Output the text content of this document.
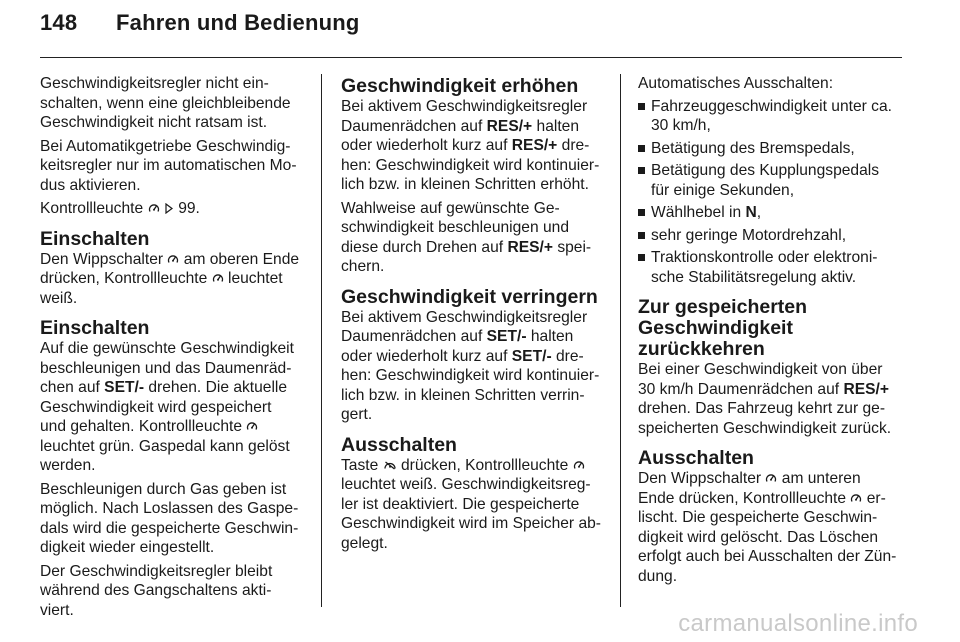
148 Fahren und Bedienung

Geschwindigkeitsregler nicht ein-
schalten, wenn eine gleichbleibende
Geschwindigkeit nicht ratsam ist.

Bei Automatikgetriebe Geschwindig-
keitsregler nur im automatischen Mo-
dus aktivieren.

Kontrollleuchte
99.

Einschalten

Den Wippschalter am oberen Ende
drücken, Kontrollleuchte leuchtet
weiß.

Einschalten

Auf die gewünschte Geschwindigkeit
beschleunigen und das Daumenräd-
chen auf SET/- drehen. Die aktuelle
Geschwindigkeit wird gespeichert
und gehalten. Kontrollleuchte

leuchtet grün. Gaspedal kann gelöst
werden.

Beschleunigen durch Gas geben ist
möglich. Nach Loslassen des Gaspe-
dals wird die gespeicherte Geschwin-
digkeit wieder eingestellt.

Der Geschwindigkeitsregler bleibt
während des Gangschaltens akti-
viert.

Geschwindigkeit erhöhen

Bei aktivem Geschwindigkeitsregler
Daumenrädchen auf RES/+ halten
oder wiederholt kurz auf RES/+ dre-
hen: Geschwindigkeit wird kontinuier-
lich bzw. in kleinen Schritten erhöht.

Wahlweise auf gewünschte Ge-
schwindigkeit beschleunigen und
diese durch Drehen auf RES/+ spei-
chern.

Geschwindigkeit verringern

Bei aktivem Geschwindigkeitsregler
Daumenrädchen auf SET/- halten
oder wiederholt kurz auf SET/- dre-
hen: Geschwindigkeit wird kontinuier-
lich bzw. in kleinen Schritten verrin-
gert.

Ausschalten

Taste drücken, Kontrollleuchte

leuchtet weiß. Geschwindigkeitsreg-
ler ist deaktiviert. Die gespeicherte
Geschwindigkeit wird im Speicher ab-
gelegt.

Automatisches Ausschalten:

Fahrzeuggeschwindigkeit unter ca.
30 km/h,
Betätigung des Bremspedals,
Betätigung des Kupplungspedals
für einige Sekunden,
Wählhebel in N,
sehr geringe Motordrehzahl,
Traktionskontrolle oder elektroni-
sche Stabilitätsregelung aktiv.
Zur gespeicherten
Geschwindigkeit zurückkehren

Bei einer Geschwindigkeit von über
30 km/h Daumenrädchen auf RES/+
drehen. Das Fahrzeug kehrt zur ge-
speicherten Geschwindigkeit zurück.

Ausschalten

Den Wippschalter am unteren
Ende drücken, Kontrollleuchte er-
lischt. Die gespeicherte Geschwin-
digkeit wird gelöscht. Das Löschen
erfolgt auch bei Ausschalten der Zün-
dung.

carmanualsonline.info
